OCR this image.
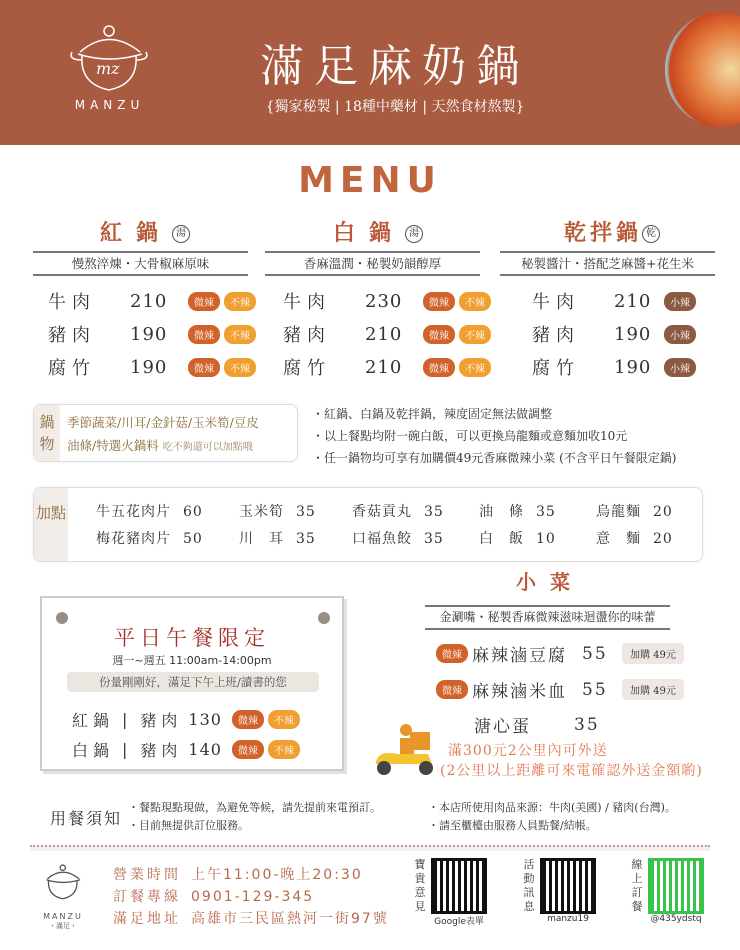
mz
MANZU
滿足麻奶鍋
{獨家秘製 | 18種中藥材 | 天然食材熬製}
MENU
紅鍋 湯	白鍋 湯	乾拌鍋 乾
慢熬淬煉・大骨椒麻原味	香麻溫潤・秘製奶韻醇厚	秘製醬汁・搭配芝麻醬+花生米
牛肉	210	微辣	不辣
豬肉	190	微辣	不辣
腐竹	190	微辣	不辣
牛肉	230	微辣	不辣
豬肉	210	微辣	不辣
腐竹	210	微辣	不辣
牛肉	210	小辣
豬肉	190	小辣
腐竹	190	小辣
鍋物
季節蔬菜/川耳/金針菇/玉米筍/豆皮
油條/特選火鍋料 吃不夠還可以加點哦
・紅鍋、白鍋及乾拌鍋，辣度固定無法做調整
・以上餐點均附一碗白飯，可以更換烏龍麵或意麵加收10元
・任一鍋物均可享有加購價49元香麻微辣小菜 (不含平日午餐限定鍋)
加點 牛五花肉片 60	玉米筍 35	香菇貢丸 35	油　條 35	烏龍麵 20
梅花豬肉片 50	川　耳 35	口福魚餃 35	白　飯 10	意　麵 20
小菜
金涮嘴・秘製香麻微辣滋味迴盪你的味蕾
微辣 麻辣滷豆腐 55	加購 49元
微辣 麻辣滷米血 55	加購 49元
溏心蛋	35
滿300元2公里內可外送
(2公里以上距離可來電確認外送金額喲)
平日午餐限定
週一~週五 11:00am-14:00pm
份量剛剛好，滿足下午上班/讀書的您
紅鍋 | 豬肉 130	微辣	不辣
白鍋 | 豬肉 140	微辣	不辣
用餐須知
・餐點現點現做，為避免等候，請先提前來電預訂。
・目前無提供訂位服務。
・本店所使用肉品來源：牛肉(美國) / 豬肉(台灣)。
・請至櫃檯由服務人員點餐/結帳。
MANZU
・滿足・
營業時間 上午11:00-晚上20:30
訂餐專線 0901-129-345
滿足地址 高雄市三民區熱河一街97號
寶貴意見
Google表單
活動訊息
manzu19
線上訂餐
@435ydstq
